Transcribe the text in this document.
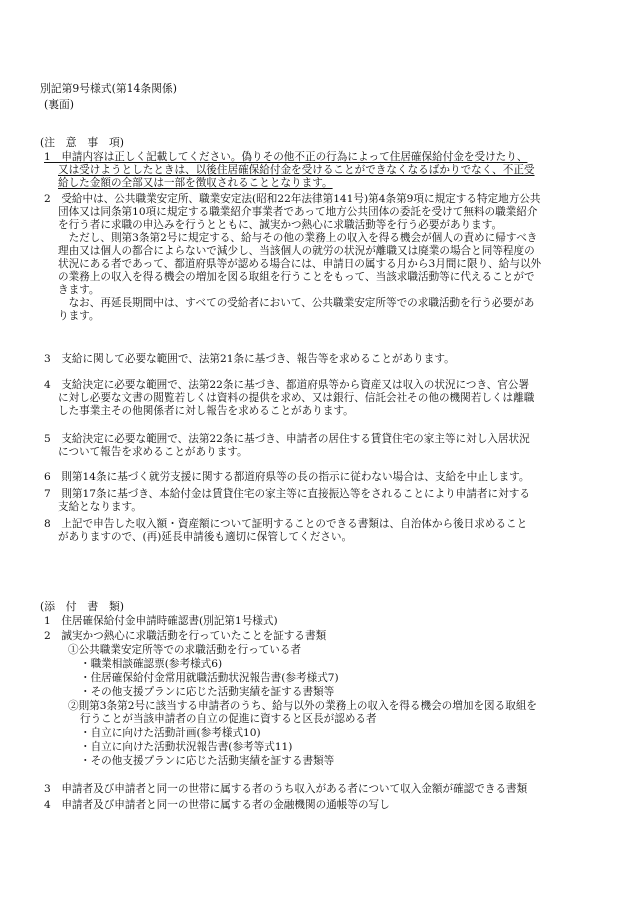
別記第9号様式(第14条関係)
(裏面)
(注　意　事　項)
1　申請内容は正しく記載してください。偽りその他不正の行為によって住居確保給付金を受けたり、
又は受けようとしたときは、以後住居確保給付金を受けることができなくなるばかりでなく、不正受
給した金額の全部又は一部を徴収されることとなります。
2　受給中は、公共職業安定所、職業安定法(昭和22年法律第141号)第4条第9項に規定する特定地方公共
団体又は同条第10項に規定する職業紹介事業者であって地方公共団体の委託を受けて無料の職業紹介
を行う者に求職の申込みを行うとともに、誠実かつ熱心に求職活動等を行う必要があります。
　ただし、則第3条第2号に規定する、給与その他の業務上の収入を得る機会が個人の責めに帰すべき
理由又は個人の都合によらないで減少し、当該個人の就労の状況が離職又は廃業の場合と同等程度の
状況にある者であって、都道府県等が認める場合には、申請日の属する月から3月間に限り、給与以外
の業務上の収入を得る機会の増加を図る取組を行うことをもって、当該求職活動等に代えることがで
きます。
　なお、再延長期間中は、すべての受給者において、公共職業安定所等での求職活動を行う必要があ
ります。
3　支給に関して必要な範囲で、法第21条に基づき、報告等を求めることがあります。
4　支給決定に必要な範囲で、法第22条に基づき、都道府県等から資産又は収入の状況につき、官公署
に対し必要な文書の閲覧若しくは資料の提供を求め、又は銀行、信託会社その他の機関若しくは離職
した事業主その他関係者に対し報告を求めることがあります。
5　支給決定に必要な範囲で、法第22条に基づき、申請者の居住する賃貸住宅の家主等に対し入居状況
について報告を求めることがあります。
6　則第14条に基づく就労支援に関する都道府県等の長の指示に従わない場合は、支給を中止します。
7　則第17条に基づき、本給付金は賃貸住宅の家主等に直接振込等をされることにより申請者に対する
支給となります。
8　上記で申告した収入額・資産額について証明することのできる書類は、自治体から後日求めること
がありますので、(再)延長申請後も適切に保管してください。
(添　付　書　類)
1　住居確保給付金申請時確認書(別記第1号様式)
2　誠実かつ熱心に求職活動を行っていたことを証する書類
①公共職業安定所等での求職活動を行っている者
・職業相談確認票(参考様式6)
・住居確保給付金常用就職活動状況報告書(参考様式7)
・その他支援プランに応じた活動実績を証する書類等
②則第3条第2号に該当する申請者のうち、給与以外の業務上の収入を得る機会の増加を図る取組を
行うことが当該申請者の自立の促進に資すると区長が認める者
・自立に向けた活動計画(参考様式10)
・自立に向けた活動状況報告書(参考等式11)
・その他支援プランに応じた活動実績を証する書類等
3　申請者及び申請者と同一の世帯に属する者のうち収入がある者について収入金額が確認できる書類
4　申請者及び申請者と同一の世帯に属する者の金融機関の通帳等の写し
